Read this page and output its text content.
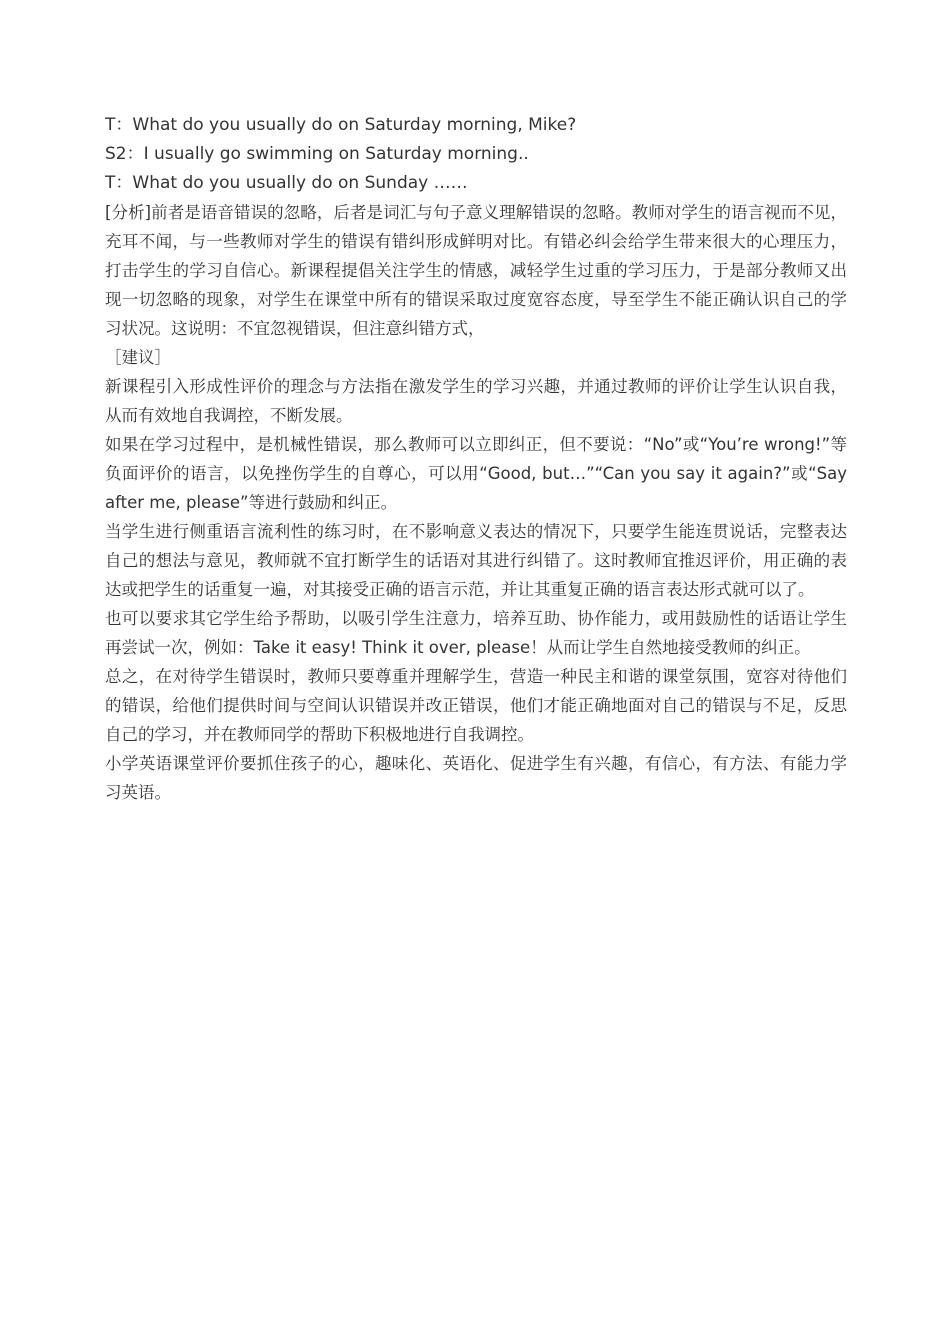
T：What do you usually do on Saturday morning, Mike?

S2：I usually go swimming on Saturday morning..

T：What do you usually do on Sunday ……

[分析]前者是语音错误的忽略，后者是词汇与句子意义理解错误的忽略。教师对学生的语言视而不见，充耳不闻，与一些教师对学生的错误有错纠形成鲜明对比。有错必纠会给学生带来很大的心理压力，打击学生的学习自信心。新课程提倡关注学生的情感，减轻学生过重的学习压力，于是部分教师又出现一切忽略的现象，对学生在课堂中所有的错误采取过度宽容态度，导至学生不能正确认识自己的学习状况。这说明：不宜忽视错误，但注意纠错方式，

［建议］

新课程引入形成性评价的理念与方法指在激发学生的学习兴趣，并通过教师的评价让学生认识自我，从而有效地自我调控，不断发展。

如果在学习过程中，是机械性错误，那么教师可以立即纠正，但不要说：“No”或“You’re wrong!”等负面评价的语言，以免挫伤学生的自尊心，可以用“Good, but…”“Can you say it again?”或“Say after me, please”等进行鼓励和纠正。

当学生进行侧重语言流利性的练习时，在不影响意义表达的情况下，只要学生能连贯说话，完整表达自己的想法与意见，教师就不宜打断学生的话语对其进行纠错了。这时教师宜推迟评价，用正确的表达或把学生的话重复一遍，对其接受正确的语言示范，并让其重复正确的语言表达形式就可以了。

也可以要求其它学生给予帮助，以吸引学生注意力，培养互助、协作能力，或用鼓励性的话语让学生再尝试一次，例如：Take it easy! Think it over, please！从而让学生自然地接受教师的纠正。

总之，在对待学生错误时，教师只要尊重并理解学生，营造一种民主和谐的课堂氛围，宽容对待他们的错误，给他们提供时间与空间认识错误并改正错误，他们才能正确地面对自己的错误与不足，反思自己的学习，并在教师同学的帮助下积极地进行自我调控。

小学英语课堂评价要抓住孩子的心，趣味化、英语化、促进学生有兴趣，有信心，有方法、有能力学习英语。
